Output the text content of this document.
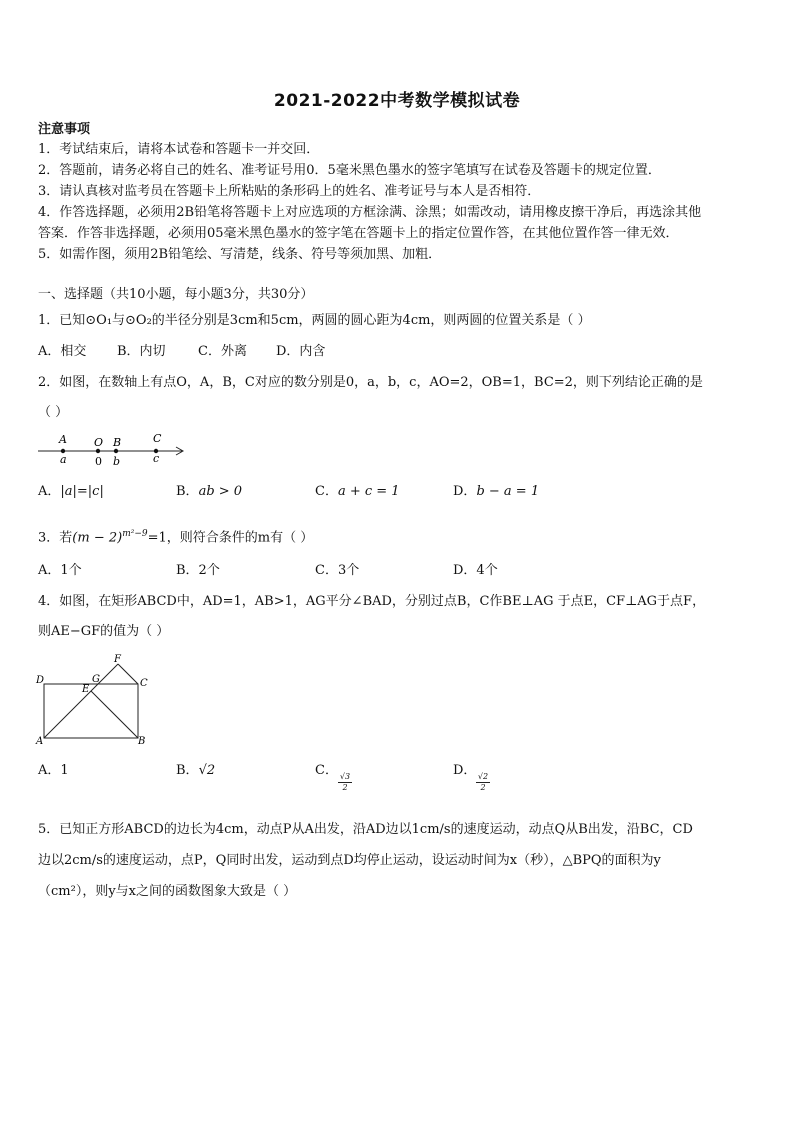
2021-2022中考数学模拟试卷
注意事项
1．考试结束后，请将本试卷和答题卡一并交回．
2．答题前，请务必将自己的姓名、准考证号用0．5毫米黑色墨水的签字笔填写在试卷及答题卡的规定位置．
3．请认真核对监考员在答题卡上所粘贴的条形码上的姓名、准考证号与本人是否相符．
4．作答选择题，必须用2B铅笔将答题卡上对应选项的方框涂满、涂黑；如需改动，请用橡皮擦干净后，再选涂其他
答案．作答非选择题，必须用05毫米黑色墨水的签字笔在答题卡上的指定位置作答，在其他位置作答一律无效．
5．如需作图，须用2B铅笔绘、写清楚，线条、符号等须加黑、加粗．
一、选择题（共10小题，每小题3分，共30分）
1．已知⊙O₁与⊙O₂的半径分别是3cm和5cm，两圆的圆心距为4cm，则两圆的位置关系是（ ）
A．相交 B．内切 C．外离 D．内含
2．如图，在数轴上有点O，A，B，C对应的数分别是0，a，b，c，AO=2，OB=1，BC=2，则下列结论正确的是
（ ）
A O B	C
a	0 b	c
A．|a|=|c|	B．ab > 0	C．a + c = 1	D．b − a = 1
3．若$(m - 2)^{m^2-9}=1$，则符合条件的m有（ ）
A．1个	B．2个	C．3个	D．4个
4．如图，在矩形ABCD中，AD=1，AB>1，AG平分∠BAD，分别过点B，C作BE⊥AG 于点E，CF⊥AG于点F，
则AE−GF的值为（ ）
F
D	G	C
E
A	B
A．1	B．√2	C．
$\frac{√3}{2}$
D．
$\frac{√2}{2}$
5．已知正方形ABCD的边长为4cm，动点P从A出发，沿AD边以1cm/s的速度运动，动点Q从B出发，沿BC，CD
边以2cm/s的速度运动，点P，Q同时出发，运动到点D均停止运动，设运动时间为x（秒），△BPQ的面积为y
（cm²），则y与x之间的函数图象大致是（ ）
